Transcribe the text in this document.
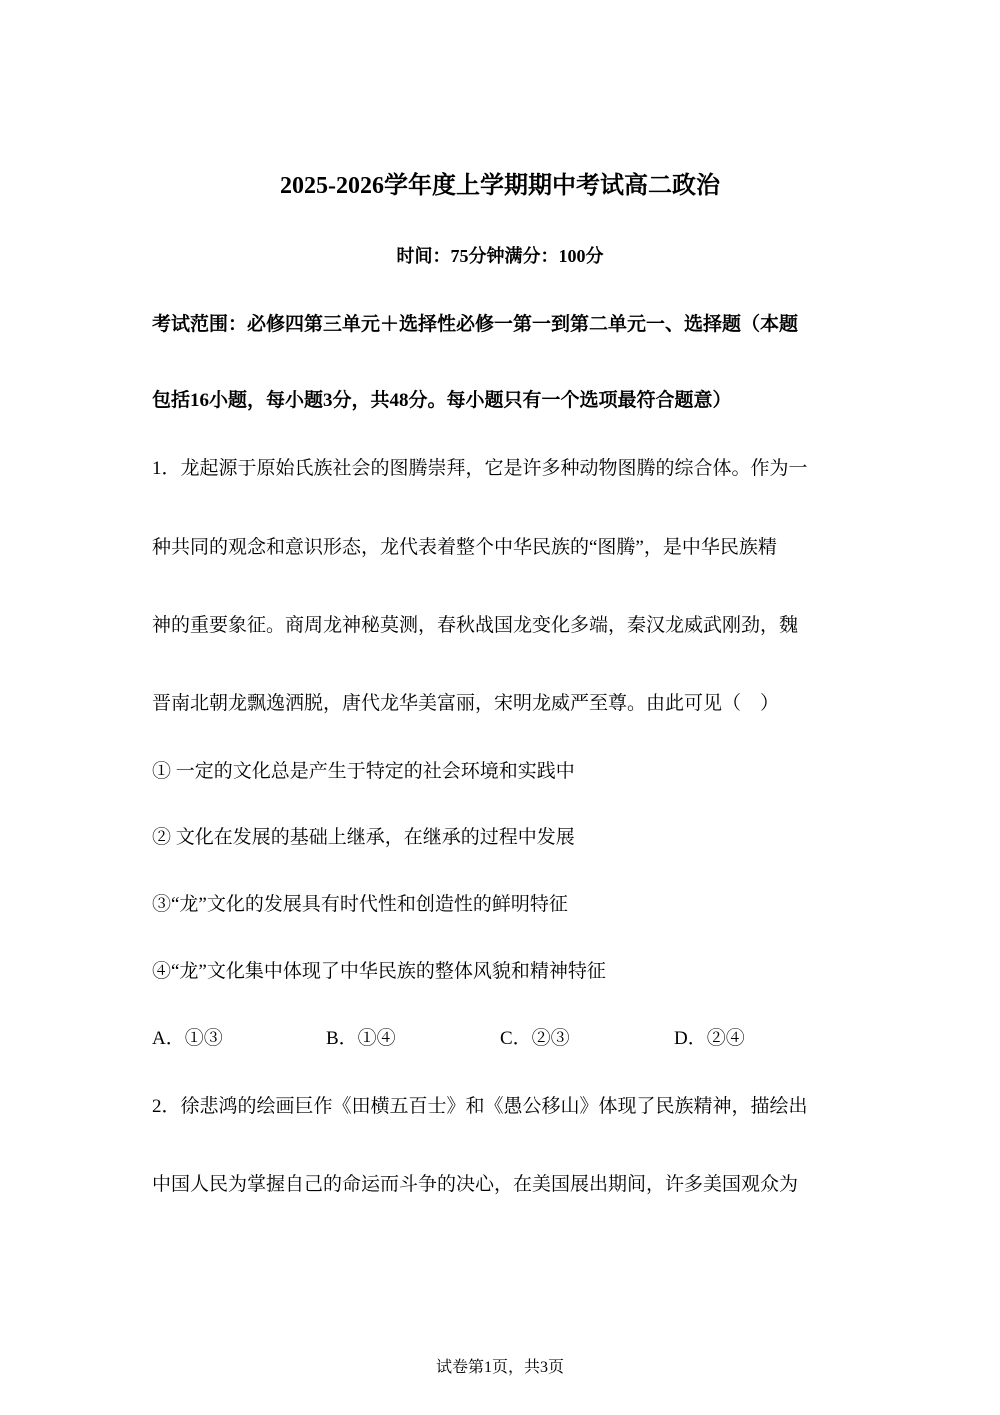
2025-2026学年度上学期期中考试高二政治
时间：75分钟满分：100分
考试范围：必修四第三单元＋选择性必修一第一到第二单元一、选择题（本题
包括16小题，每小题3分，共48分。每小题只有一个选项最符合题意）
1．龙起源于原始氏族社会的图腾崇拜，它是许多种动物图腾的综合体。作为一
种共同的观念和意识形态，龙代表着整个中华民族的“图腾”，是中华民族精
神的重要象征。商周龙神秘莫测，春秋战国龙变化多端，秦汉龙威武刚劲，魏
晋南北朝龙飘逸洒脱，唐代龙华美富丽，宋明龙威严至尊。由此可见（　）
① 一定的文化总是产生于特定的社会环境和实践中
② 文化在发展的基础上继承，在继承的过程中发展
③“龙”文化的发展具有时代性和创造性的鲜明特征
④“龙”文化集中体现了中华民族的整体风貌和精神特征
A．①③	B．①④	C．②③	D．②④
2．徐悲鸿的绘画巨作《田横五百士》和《愚公移山》体现了民族精神，描绘出
中国人民为掌握自己的命运而斗争的决心，在美国展出期间，许多美国观众为
试卷第1页，共3页
